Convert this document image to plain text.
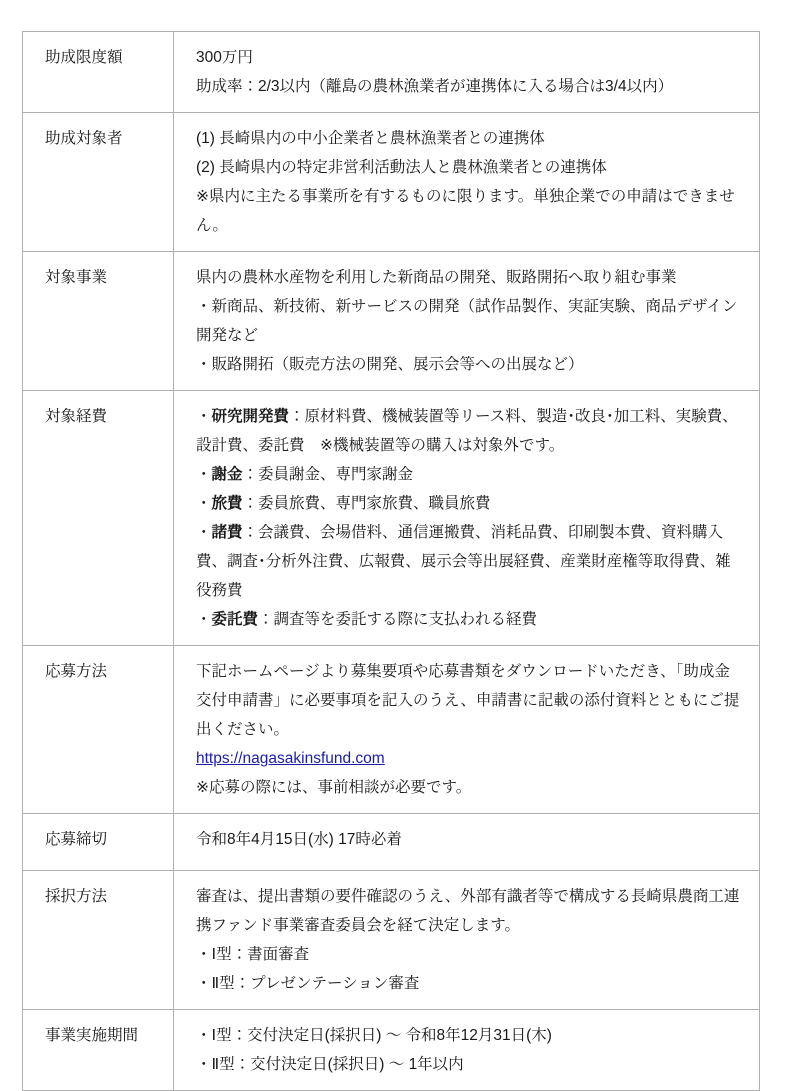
助成限度額	300万円

助成率：2/3以内（離島の農林漁業者が連携体に入る場合は3/4以内）

助成対象者	(1) 長崎県内の中小企業者と農林漁業者との連携体

(2) 長崎県内の特定非営利活動法人と農林漁業者との連携体

※県内に主たる事業所を有するものに限ります。単独企業での申請はできません。

対象事業	県内の農林水産物を利用した新商品の開発、販路開拓へ取り組む事業

・新商品、新技術、新サービスの開発（試作品製作、実証実験、商品デザイン開発など

・販路開拓（販売方法の開発、展示会等への出展など）

対象経費	・研究開発費：原材料費、機械装置等リース料、製造･改良･加工料、実験費、設計費、委託費　※機械装置等の購入は対象外です。

・謝金：委員謝金、専門家謝金

・旅費：委員旅費、専門家旅費、職員旅費

・諸費：会議費、会場借料、通信運搬費、消耗品費、印刷製本費、資料購入費、調査･分析外注費、広報費、展示会等出展経費、産業財産権等取得費、雑役務費

・委託費：調査等を委託する際に支払われる経費

応募方法	下記ホームページより募集要項や応募書類をダウンロードいただき、「助成金交付申請書」に必要事項を記入のうえ、申請書に記載の添付資料とともにご提出ください。

https://nagasakinsfund.com

※応募の際には、事前相談が必要です。

応募締切	令和8年4月15日(水) 17時必着

採択方法	審査は、提出書類の要件確認のうえ、外部有識者等で構成する長崎県農商工連携ファンド事業審査委員会を経て決定します。

・Ⅰ型：書面審査

・Ⅱ型：プレゼンテーション審査

事業実施期間	・Ⅰ型：交付決定日(採択日) ～ 令和8年12月31日(木)

・Ⅱ型：交付決定日(採択日) ～ 1年以内
